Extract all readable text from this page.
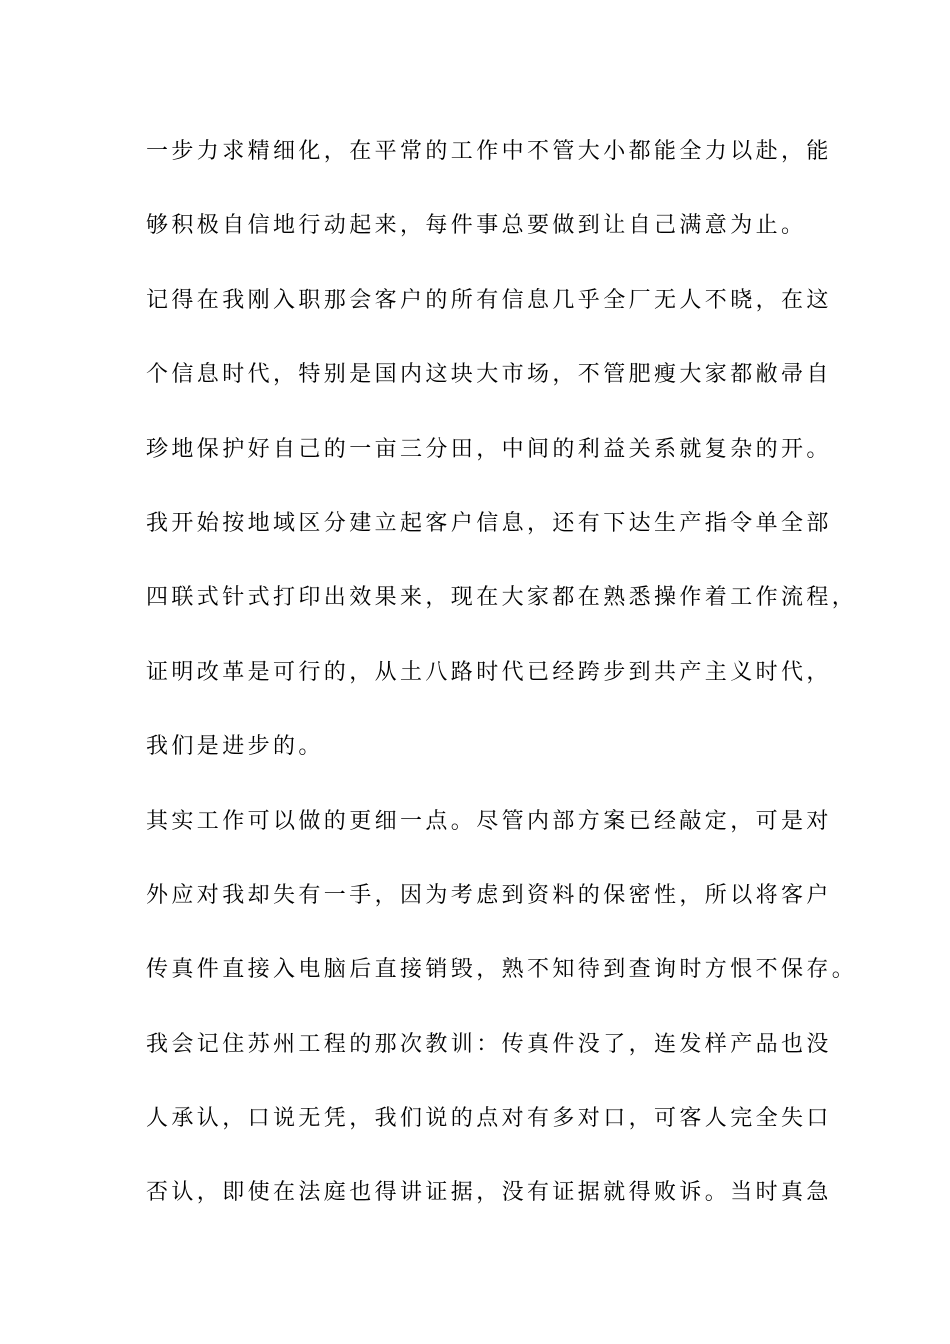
一步力求精细化，在平常的工作中不管大小都能全力以赴，能
够积极自信地行动起来，每件事总要做到让自己满意为止。
记得在我刚入职那会客户的所有信息几乎全厂无人不晓，在这
个信息时代，特别是国内这块大市场，不管肥瘦大家都敝帚自
珍地保护好自己的一亩三分田，中间的利益关系就复杂的开。
我开始按地域区分建立起客户信息，还有下达生产指令单全部
四联式针式打印出效果来，现在大家都在熟悉操作着工作流程，
证明改革是可行的，从土八路时代已经跨步到共产主义时代，
我们是进步的。
其实工作可以做的更细一点。尽管内部方案已经敲定，可是对
外应对我却失有一手，因为考虑到资料的保密性，所以将客户
传真件直接入电脑后直接销毁，熟不知待到查询时方恨不保存。
我会记住苏州工程的那次教训：传真件没了，连发样产品也没
人承认，口说无凭，我们说的点对有多对口，可客人完全失口
否认，即使在法庭也得讲证据，没有证据就得败诉。当时真急
